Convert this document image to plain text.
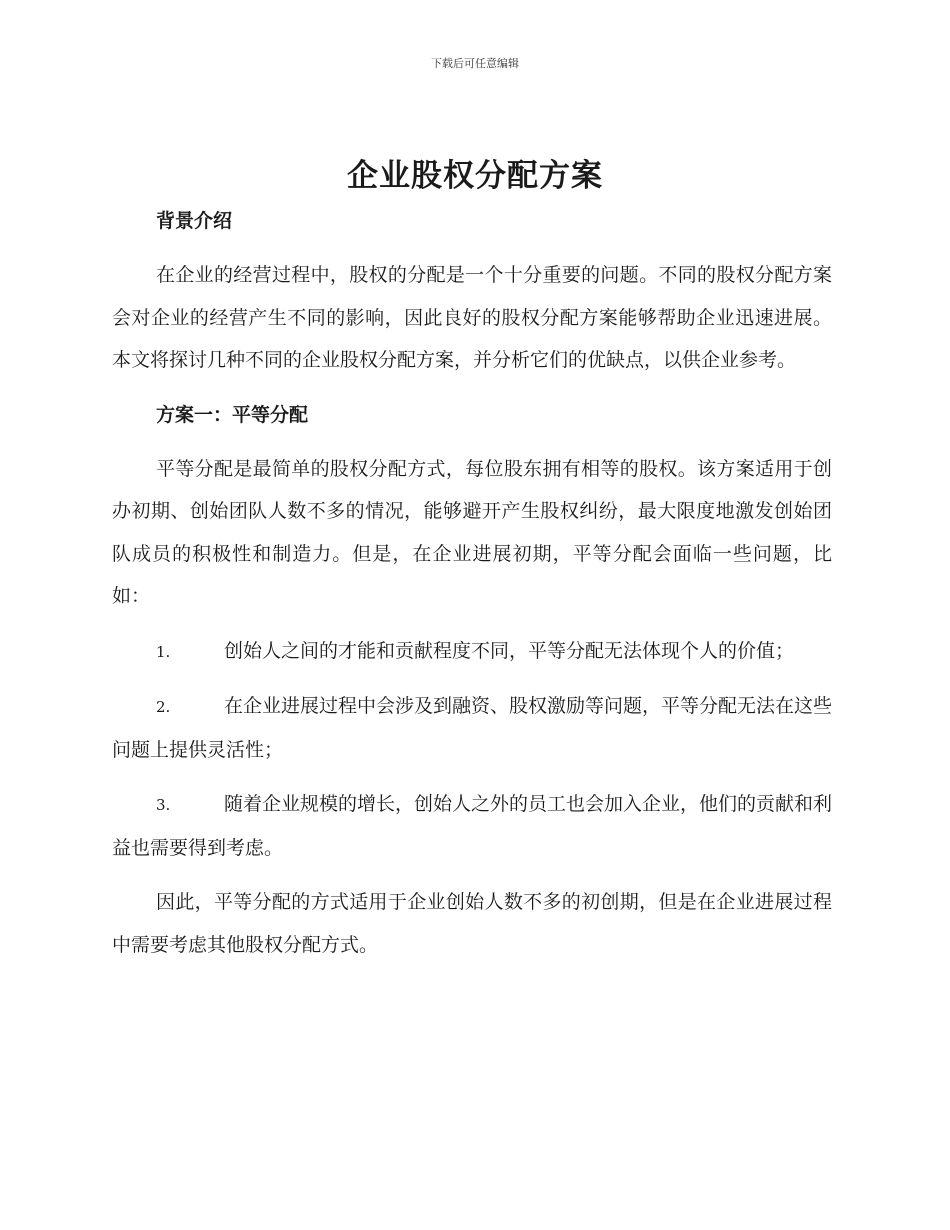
下载后可任意编辑
企业股权分配方案

背景介绍

在企业的经营过程中，股权的分配是一个十分重要的问题。不同的股权分配方案会对企业的经营产生不同的影响，因此良好的股权分配方案能够帮助企业迅速进展。本文将探讨几种不同的企业股权分配方案，并分析它们的优缺点，以供企业参考。

方案一：平等分配

平等分配是最简单的股权分配方式，每位股东拥有相等的股权。该方案适用于创办初期、创始团队人数不多的情况，能够避开产生股权纠纷，最大限度地激发创始团队成员的积极性和制造力。但是，在企业进展初期，平等分配会面临一些问题，比如：

1.	创始人之间的才能和贡献程度不同，平等分配无法体现个人的价值；

2.	在企业进展过程中会涉及到融资、股权激励等问题，平等分配无法在这些问题上提供灵活性；

3.	随着企业规模的增长，创始人之外的员工也会加入企业，他们的贡献和利益也需要得到考虑。

因此，平等分配的方式适用于企业创始人数不多的初创期，但是在企业进展过程中需要考虑其他股权分配方式。
